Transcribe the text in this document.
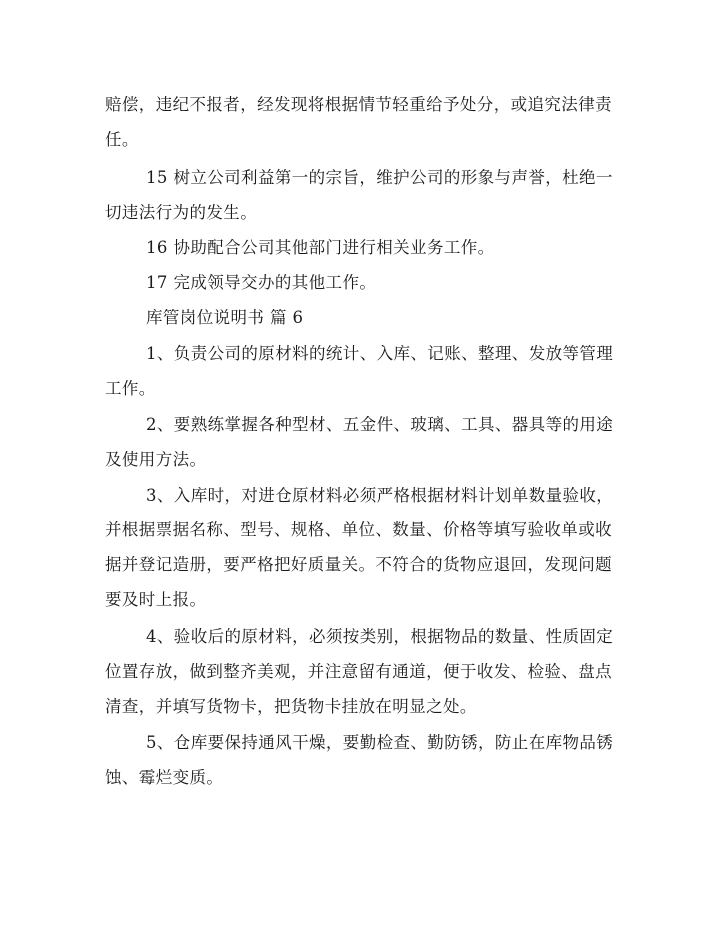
赔偿，违纪不报者，经发现将根据情节轻重给予处分，或追究法律责
任。
15 树立公司利益第一的宗旨，维护公司的形象与声誉，杜绝一
切违法行为的发生。
16 协助配合公司其他部门进行相关业务工作。
17 完成领导交办的其他工作。
库管岗位说明书 篇 6
1、负责公司的原材料的统计、入库、记账、整理、发放等管理
工作。
2、要熟练掌握各种型材、五金件、玻璃、工具、器具等的用途
及使用方法。
3、入库时，对进仓原材料必须严格根据材料计划单数量验收，
并根据票据名称、型号、规格、单位、数量、价格等填写验收单或收
据并登记造册，要严格把好质量关。不符合的货物应退回，发现问题
要及时上报。
4、验收后的原材料，必须按类别，根据物品的数量、性质固定
位置存放，做到整齐美观，并注意留有通道，便于收发、检验、盘点
清查，并填写货物卡，把货物卡挂放在明显之处。
5、仓库要保持通风干燥，要勤检查、勤防锈，防止在库物品锈
蚀、霉烂变质。
